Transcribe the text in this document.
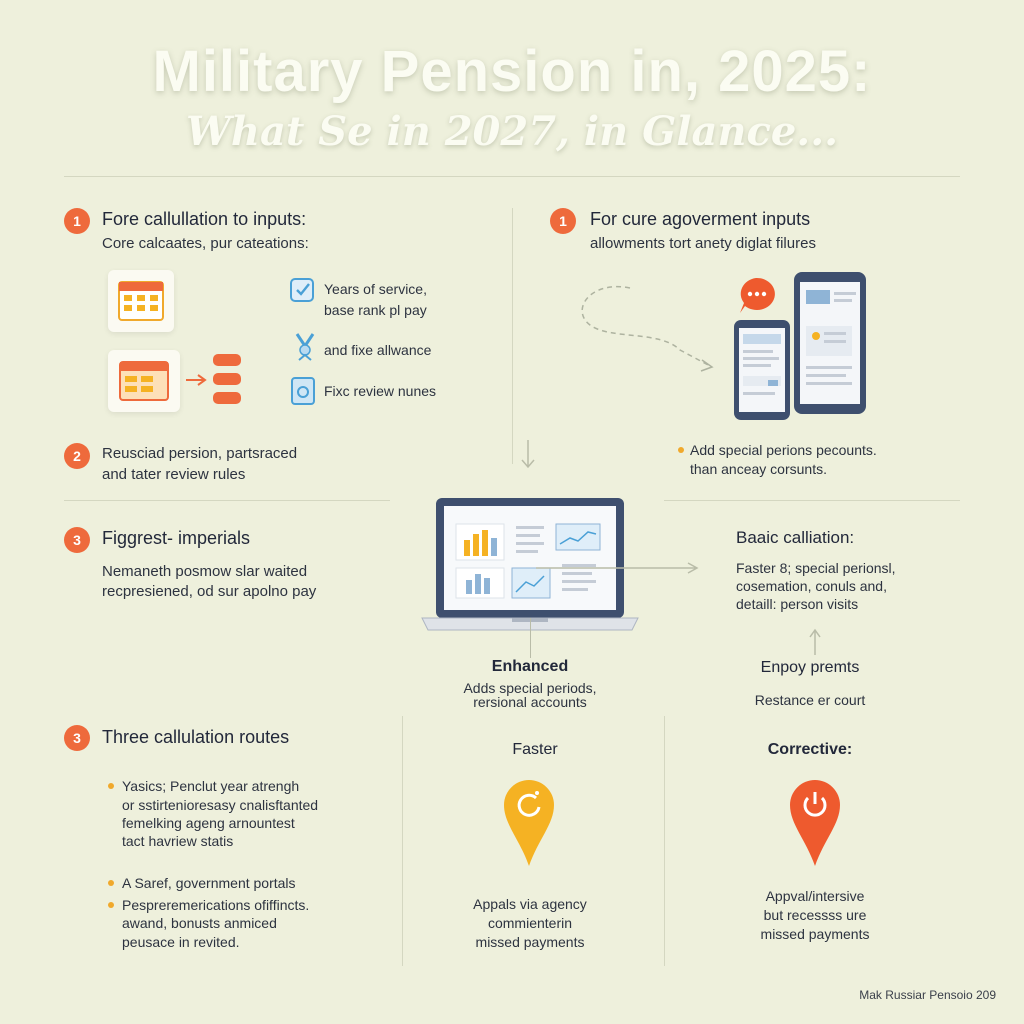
Military Pension in, 2025:
What Se in 2027, in Glance...
1	Fore callullation to inputs:
Core calcaates, pur cateations:
Years of service,
base rank pl pay
and fixe allwance
Fixc review nunes
2	Reusciad persion, partsraced
and tater review rules
3	Figgrest- imperials
Nemaneth posmow slar waited
recpresiened, od sur apolno pay
Enhanced
Adds special periods,
rersional accounts
1	For cure agoverment inputs
allowments tort anety diglat filures
Add special perions pecounts.
than anceay corsunts.
Baaic calliation:
Faster 8; special perionsl,
cosemation, conuls and,
detaill: person visits
Enpoy premts
Restance er court
3	Three callulation routes
Yasics; Penclut year atrengh
or sstirtenioresasy cnalisftanted
femelking ageng arnountest
tact havriew statis
A Saref, government portals
Pespreremerications ofiffincts.
awand, bonusts anmiced
peusace in revited.
Faster
Appals via agency
commienterin
missed payments
Corrective:
Appval/intersive
but recessss ure
missed payments
Mak Russiar Pensoio 209
